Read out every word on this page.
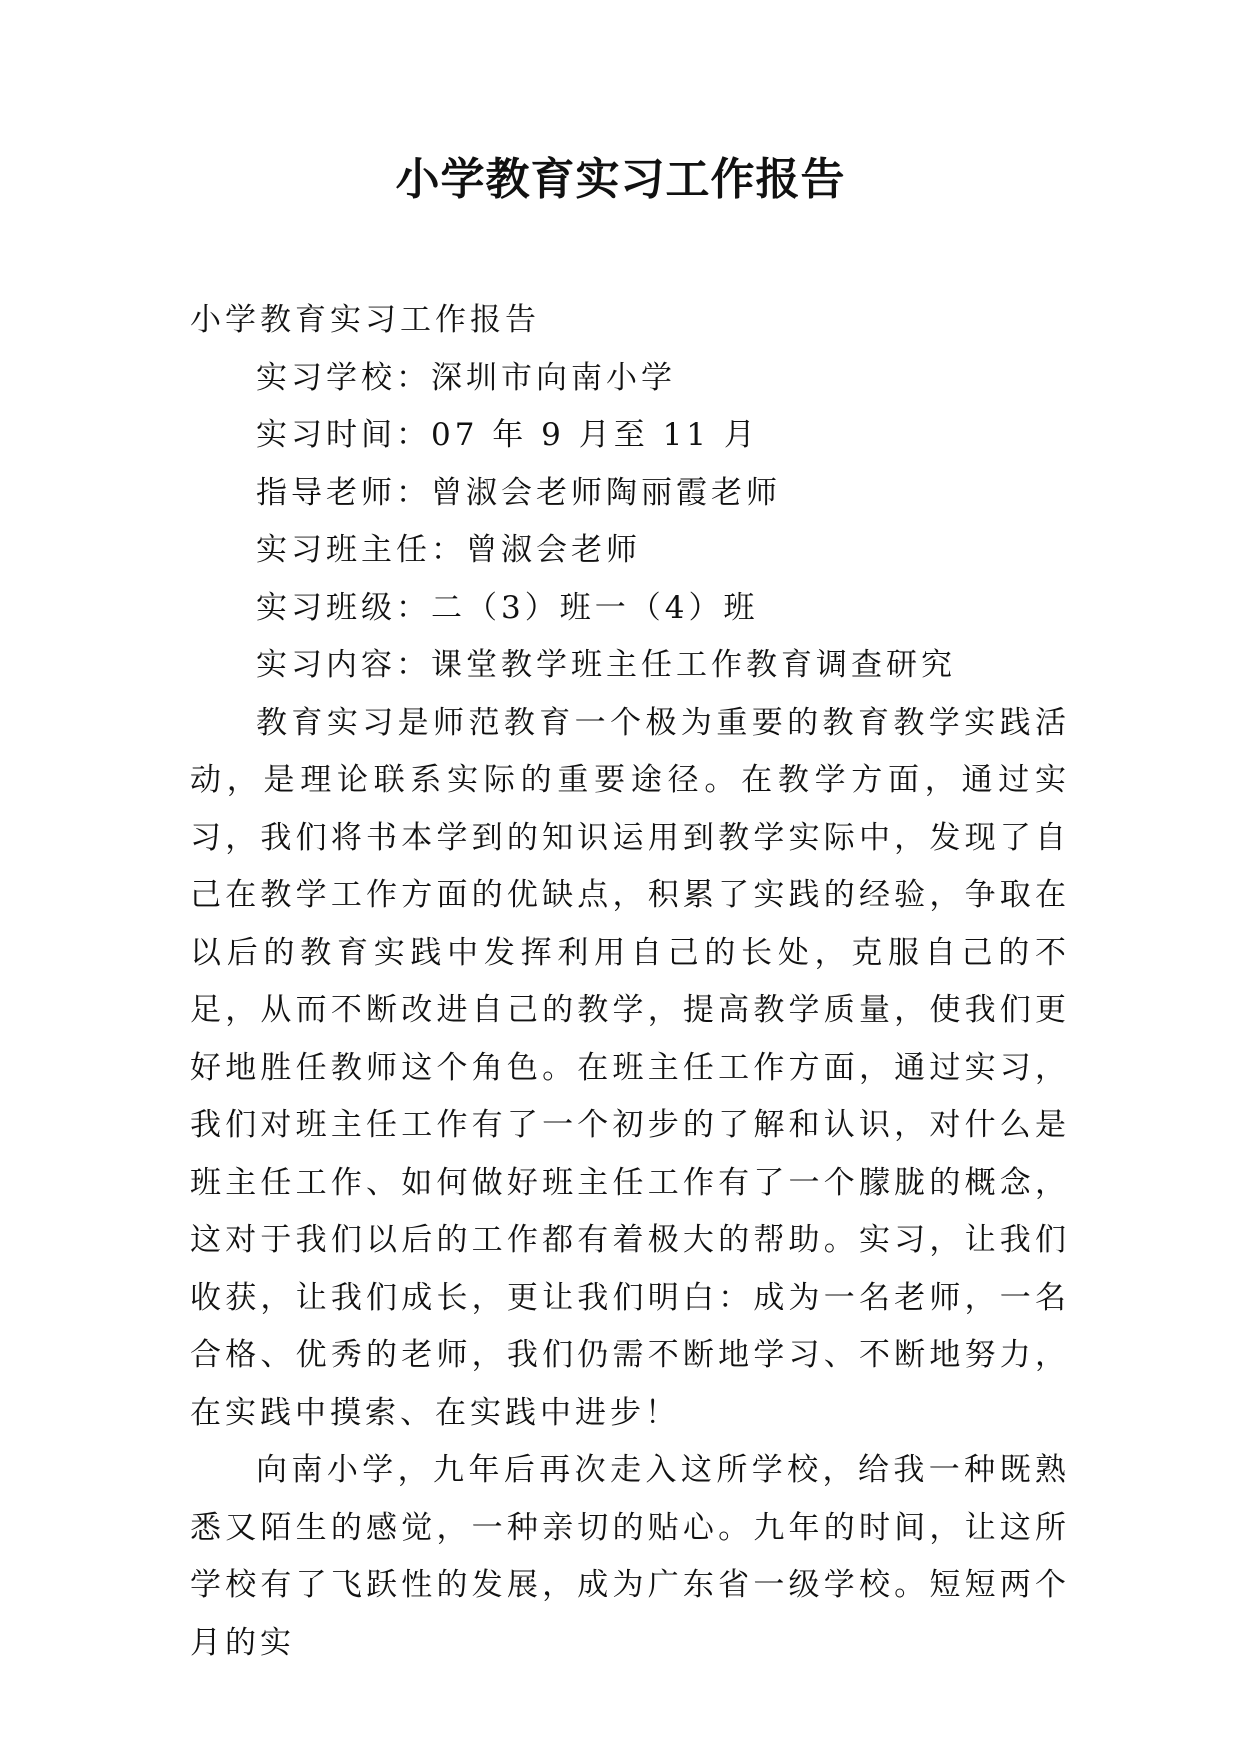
小学教育实习工作报告

小学教育实习工作报告

实习学校：深圳市向南小学

实习时间：07 年 9 月至 11 月

指导老师：曾淑会老师陶丽霞老师

实习班主任：曾淑会老师

实习班级：二（3）班一（4）班

实习内容：课堂教学班主任工作教育调查研究

教育实习是师范教育一个极为重要的教育教学实践活动，是理论联系实际的重要途径。在教学方面，通过实习，我们将书本学到的知识运用到教学实际中，发现了自己在教学工作方面的优缺点，积累了实践的经验，争取在以后的教育实践中发挥利用自己的长处，克服自己的不足，从而不断改进自己的教学，提高教学质量，使我们更好地胜任教师这个角色。在班主任工作方面，通过实习，我们对班主任工作有了一个初步的了解和认识，对什么是班主任工作、如何做好班主任工作有了一个朦胧的概念，这对于我们以后的工作都有着极大的帮助。实习，让我们收获，让我们成长，更让我们明白：成为一名老师，一名合格、优秀的老师，我们仍需不断地学习、不断地努力，在实践中摸索、在实践中进步！

向南小学，九年后再次走入这所学校，给我一种既熟悉又陌生的感觉，一种亲切的贴心。九年的时间，让这所学校有了飞跃性的发展，成为广东省一级学校。短短两个月的实
